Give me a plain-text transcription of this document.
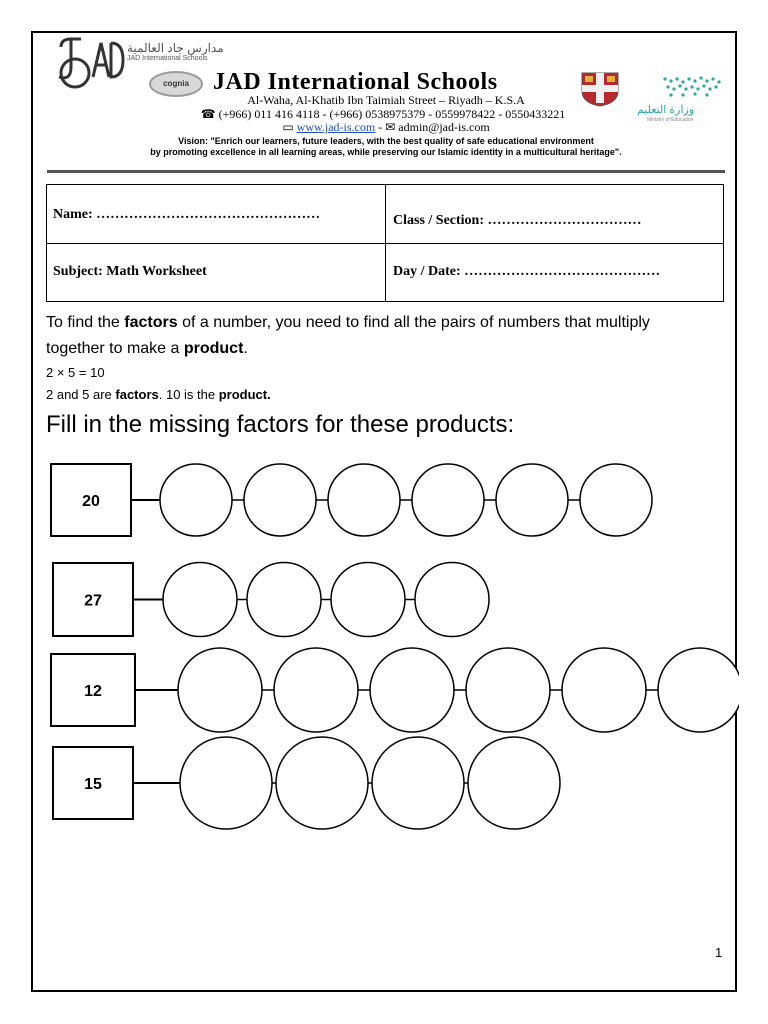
مدارس جاد العالمية
JAD International Schools
cognia	JAD International Schools
وزارة التعليم
Ministry of Education
Al-Waha, Al-Khatib Ibn Taimiah Street – Riyadh – K.S.A
☎ (+966) 011 416 4118 - (+966) 0538975379 - 0559978422 - 0550433221
▭ www.jad-is.com - ✉ admin@jad-is.com
Vision: "Enrich our learners, future leaders, with the best quality of safe educational environment
by promoting excellence in all learning areas, while preserving our Islamic identity in a multicultural heritage".
Name: …………………………………………	Class / Section: ……………………………
Subject: Math Worksheet	Day / Date: ……………………………………
To find the factors of a number, you need to find all the pairs of numbers that multiply
together to make a product.
2 × 5 = 10
2 and 5 are factors. 10 is the product.
Fill in the missing factors for these products:
20
27
12
15
1
